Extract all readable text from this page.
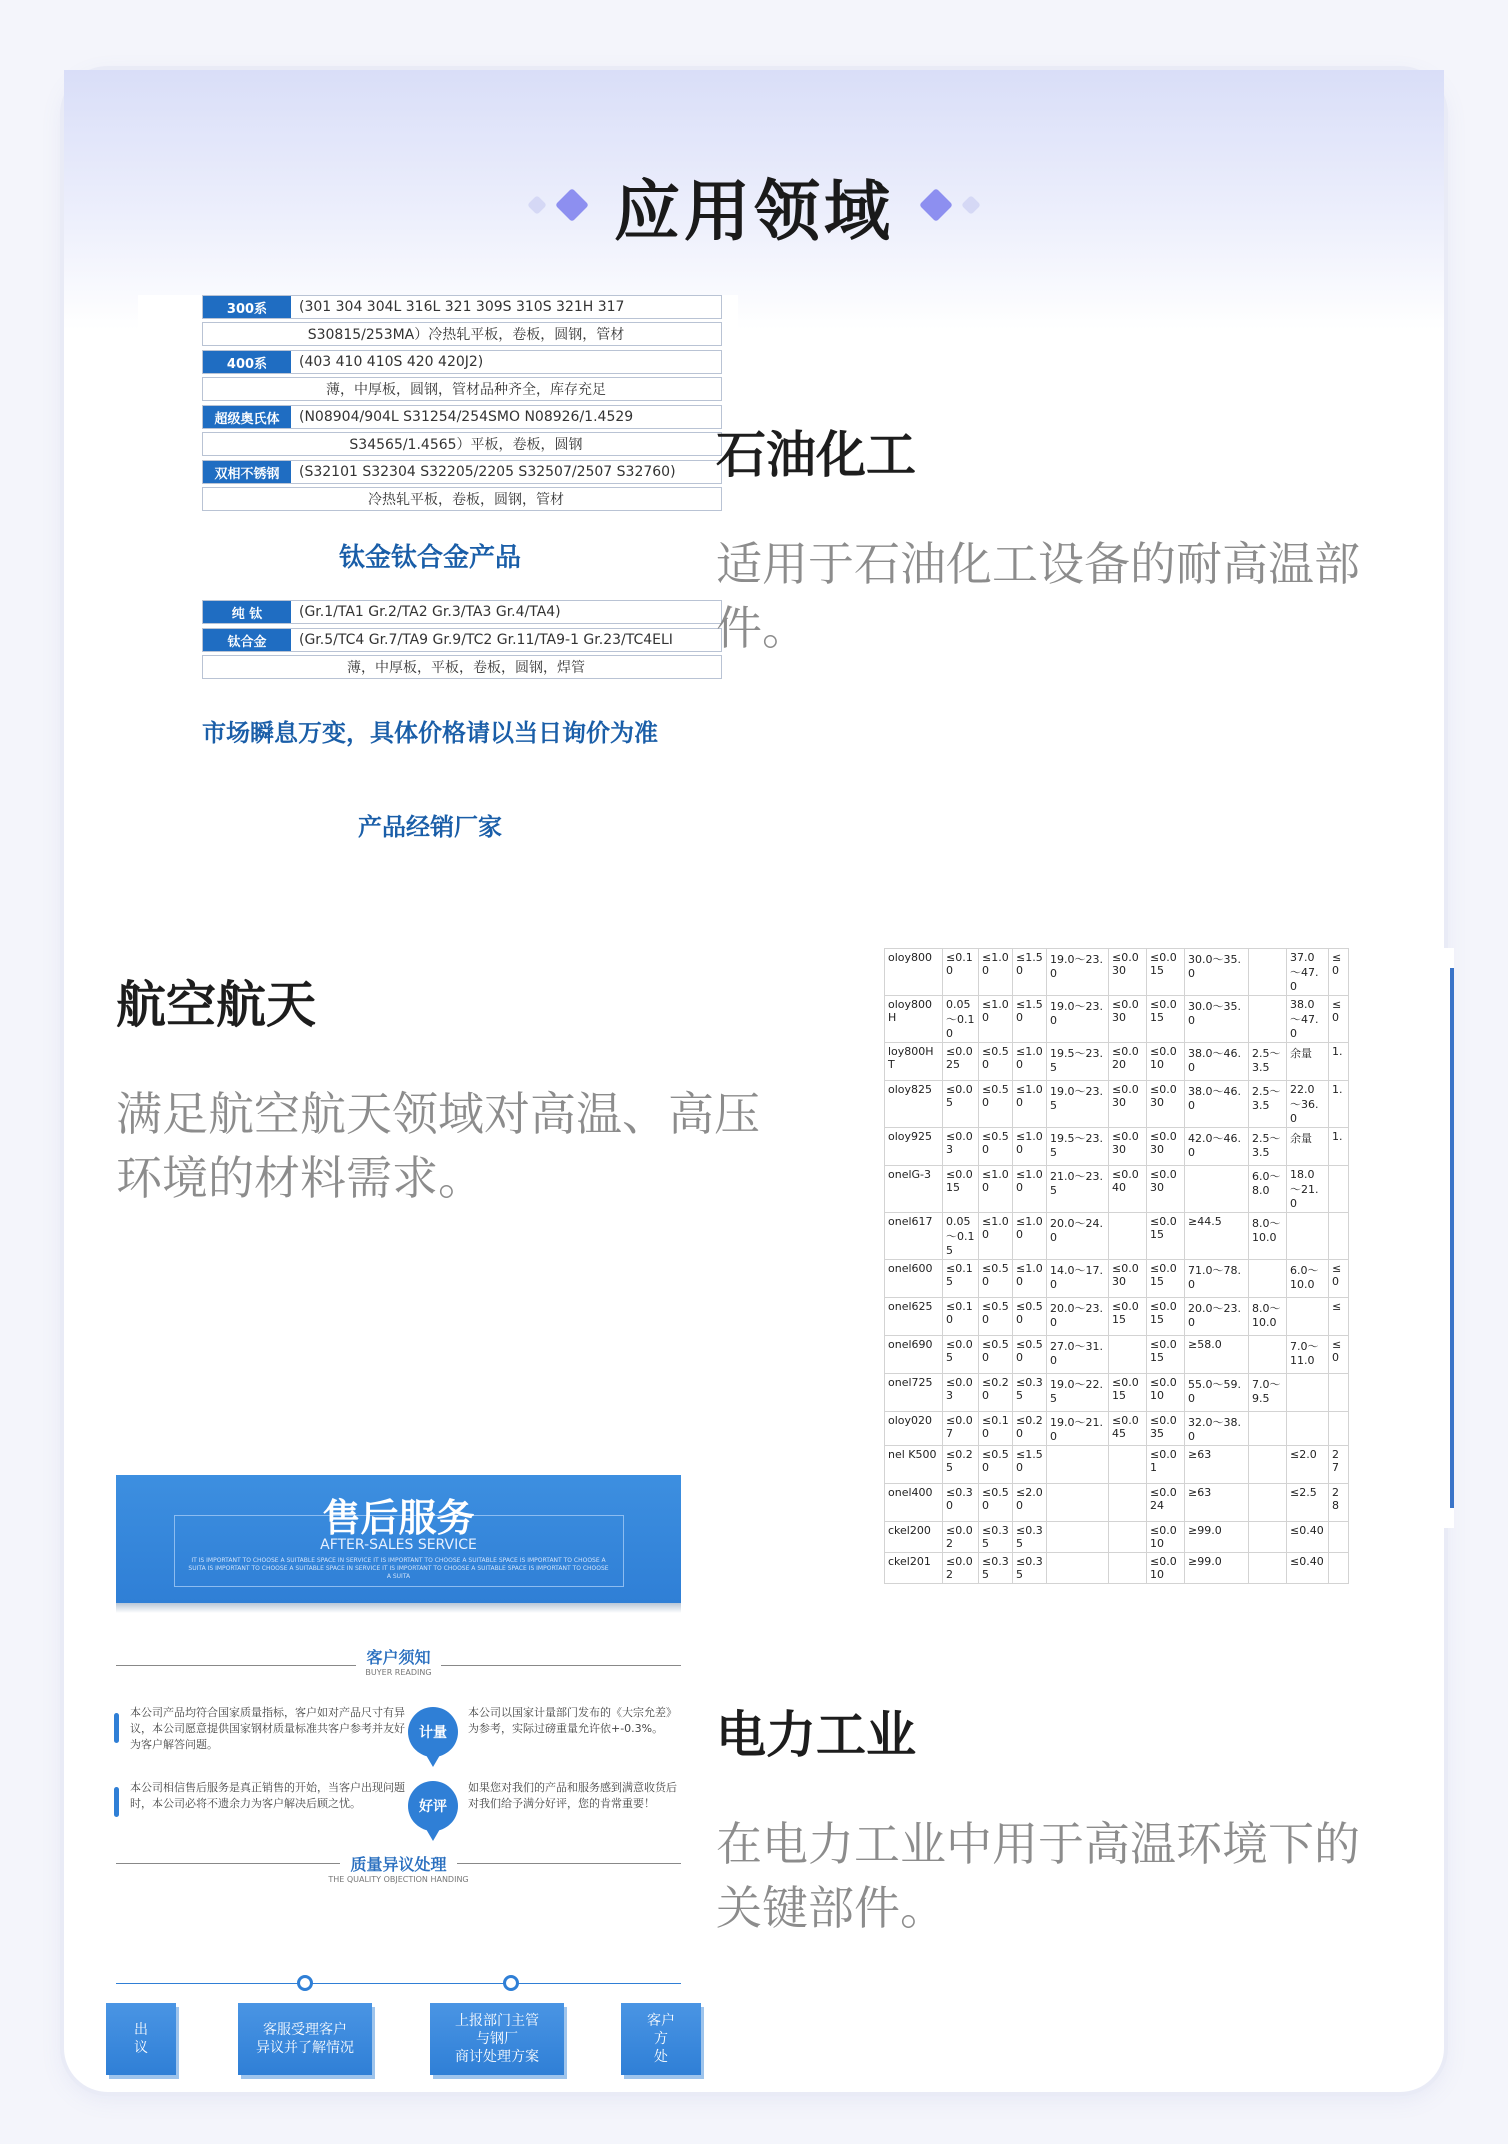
应用领域
300系	(301 304 304L 316L 321 309S 310S 321H 317
S30815/253MA）冷热轧平板，卷板，圆钢，管材
400系	(403 410 410S 420 420J2)
薄，中厚板，圆钢，管材品种齐全，库存充足
超级奥氏体	(N08904/904L S31254/254SMO N08926/1.4529
S34565/1.4565）平板，卷板，圆钢
双相不锈钢	(S32101 S32304 S32205/2205 S32507/2507 S32760)
冷热轧平板，卷板，圆钢，管材
钛金钛合金产品
纯 钛	(Gr.1/TA1 Gr.2/TA2 Gr.3/TA3 Gr.4/TA4)
钛合金	(Gr.5/TC4 Gr.7/TA9 Gr.9/TC2 Gr.11/TA9-1 Gr.23/TC4ELI
薄，中厚板，平板，卷板，圆钢，焊管
市场瞬息万变，具体价格请以当日询价为准
产品经销厂家
石油化工
适用于石油化工设备的耐高温部件。
航空航天
满足航空航天领域对高温、高压环境的材料需求。
oloy800	≤0.10	≤1.00	≤1.50	19.0～23.0	≤0.030	≤0.015	30.0～35.0		37.0～47.0	≤0
oloy800H	0.05～0.10	≤1.00	≤1.50	19.0～23.0	≤0.030	≤0.015	30.0～35.0		38.0～47.0	≤0
loy800HT	≤0.025	≤0.50	≤1.00	19.5～23.5	≤0.020	≤0.010	38.0～46.0	2.5～3.5	余量	1.
oloy825	≤0.05	≤0.50	≤1.00	19.0～23.5	≤0.030	≤0.030	38.0～46.0	2.5～3.5	22.0～36.0	1.
oloy925	≤0.03	≤0.50	≤1.00	19.5～23.5	≤0.030	≤0.030	42.0～46.0	2.5～3.5	余量	1.
onelG-3	≤0.015	≤1.00	≤1.00	21.0～23.5	≤0.040	≤0.030		6.0～8.0	18.0～21.0	
onel617	0.05～0.15	≤1.00	≤1.00	20.0～24.0		≤0.015	≥44.5	8.0～10.0		
onel600	≤0.15	≤0.50	≤1.00	14.0～17.0	≤0.030	≤0.015	71.0～78.0		6.0～10.0	≤0
onel625	≤0.10	≤0.50	≤0.50	20.0～23.0	≤0.015	≤0.015	20.0～23.0	8.0～10.0		≤
onel690	≤0.05	≤0.50	≤0.50	27.0～31.0		≤0.015	≥58.0		7.0～11.0	≤0
onel725	≤0.03	≤0.20	≤0.35	19.0～22.5	≤0.015	≤0.010	55.0～59.0	7.0～9.5		
oloy020	≤0.07	≤0.10	≤0.20	19.0～21.0	≤0.045	≤0.035	32.0～38.0			
nel K500	≤0.25	≤0.50	≤1.50			≤0.01	≥63		≤2.0	27
onel400	≤0.30	≤0.50	≤2.00			≤0.024	≥63		≤2.5	28
ckel200	≤0.02	≤0.35	≤0.35			≤0.010	≥99.0		≤0.40	
ckel201	≤0.02	≤0.35	≤0.35			≤0.010	≥99.0		≤0.40	
售后服务
AFTER-SALES SERVICE
IT IS IMPORTANT TO CHOOSE A SUITABLE SPACE IN SERVICE IT IS IMPORTANT TO CHOOSE A SUITABLE SPACE IS IMPORTANT TO CHOOSE A SUITA IS IMPORTANT TO CHOOSE A SUITABLE SPACE IN SERVICE IT IS IMPORTANT TO CHOOSE A SUITABLE SPACE IS IMPORTANT TO CHOOSE A SUITA
客户须知
BUYER READING
本公司产品均符合国家质量指标，客户如对产品尺寸有异议，本公司愿意提供国家钢材质量标准共客户参考并友好为客户解答问题。
计量
本公司以国家计量部门发布的《大宗允差》为参考，实际过磅重量允许依+-0.3%。
本公司相信售后服务是真正销售的开始，当客户出现问题时，本公司必将不遗余力为客户解决后顾之忧。	好评
如果您对我们的产品和服务感到满意收货后对我们给予满分好评，您的肯常重要！
质量异议处理
THE QUALITY OBJECTION HANDING
出
议
客服受理客户
异议并了解情况
上报部门主管
与钢厂
商讨处理方案
客户
方
处
电力工业
在电力工业中用于高温环境下的关键部件。
